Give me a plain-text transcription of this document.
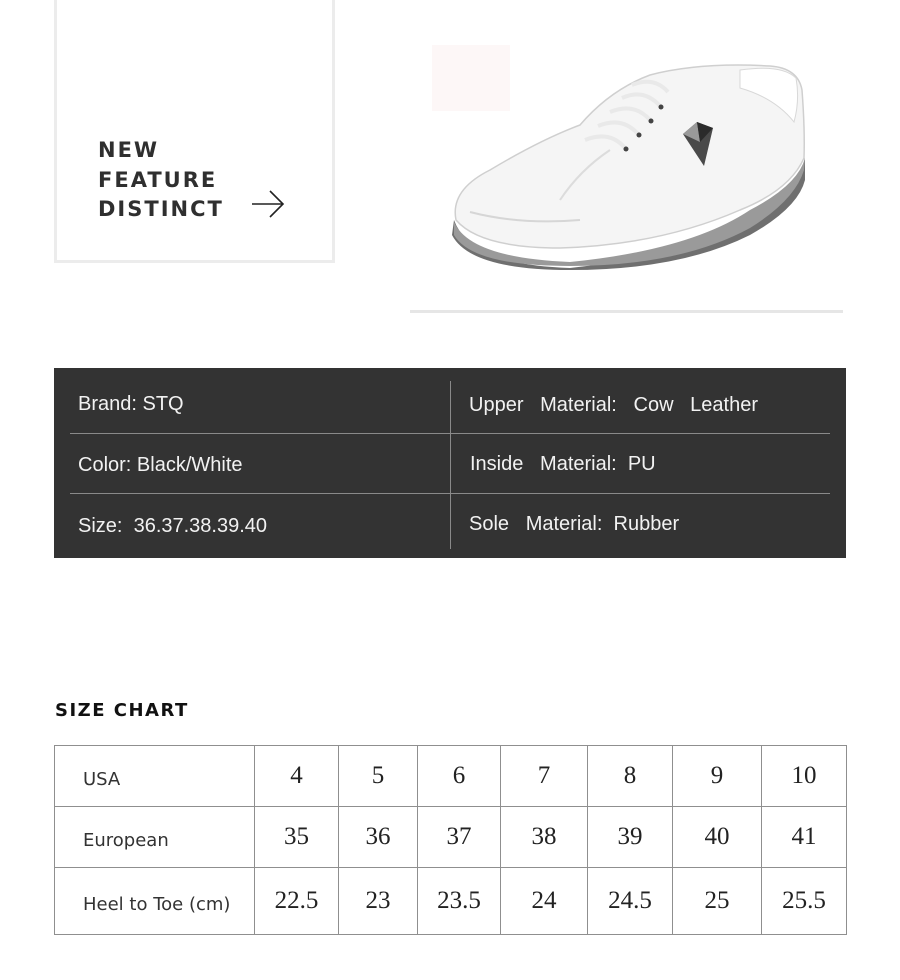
NEW
FEATURE
DISTINCT
Brand: STQ	Upper   Material:   Cow   Leather
Color: Black/White	Inside   Material:  PU
Size:  36.37.38.39.40	Sole   Material:  Rubber
SIZE CHART
USA	4	5	6	7	8	9	10
European	35	36	37	38	39	40	41
Heel to Toe (cm)	22.5	23	23.5	24	24.5	25	25.5
